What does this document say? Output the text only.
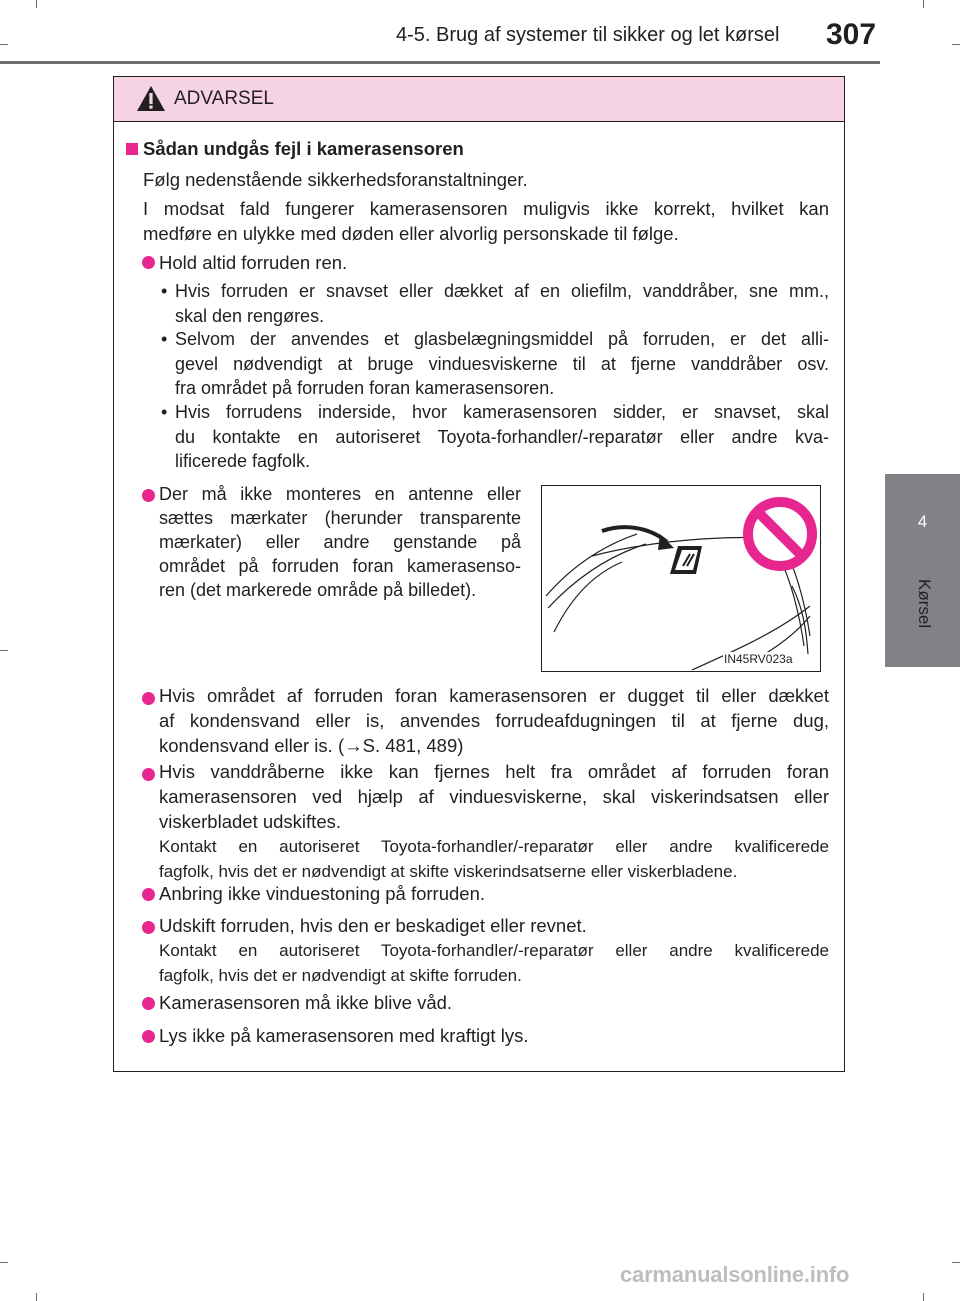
4-5. Brug af systemer til sikker og let kørsel 307
4
Kørsel
ADVARSEL
Sådan undgås fejl i kamerasensoren
Følg nedenstående sikkerhedsforanstaltninger.
I modsat fald fungerer kamerasensoren muligvis ikke korrekt, hvilket kan
medføre en ulykke med døden eller alvorlig personskade til følge.
Hold altid forruden ren.
• Hvis forruden er snavset eller dækket af en oliefilm, vanddråber, sne mm.,
skal den rengøres.
• Selvom der anvendes et glasbelægningsmiddel på forruden, er det alli-
gevel nødvendigt at bruge vinduesviskerne til at fjerne vanddråber osv.
fra området på forruden foran kamerasensoren.
• Hvis forrudens inderside, hvor kamerasensoren sidder, er snavset, skal
du kontakte en autoriseret Toyota-forhandler/-reparatør eller andre kva-
lificerede fagfolk.
Der må ikke monteres en antenne eller
sættes mærkater (herunder transparente
mærkater) eller andre genstande på
området på forruden foran kamerasenso-
ren (det markerede område på billedet).
Hvis området af forruden foran kamerasensoren er dugget til eller dækket
af kondensvand eller is, anvendes forrudeafdugningen til at fjerne dug,
kondensvand eller is. (→S. 481, 489)
Hvis vanddråberne ikke kan fjernes helt fra området af forruden foran
kamerasensoren ved hjælp af vinduesviskerne, skal viskerindsatsen eller
viskerbladet udskiftes.
Kontakt en autoriseret Toyota-forhandler/-reparatør eller andre kvalificerede
fagfolk, hvis det er nødvendigt at skifte viskerindsatserne eller viskerbladene.
Anbring ikke vinduestoning på forruden.
Udskift forruden, hvis den er beskadiget eller revnet.
Kontakt en autoriseret Toyota-forhandler/-reparatør eller andre kvalificerede
fagfolk, hvis det er nødvendigt at skifte forruden.
Kamerasensoren må ikke blive våd.
Lys ikke på kamerasensoren med kraftigt lys.
IN45RV023a
carmanualsonline.info
